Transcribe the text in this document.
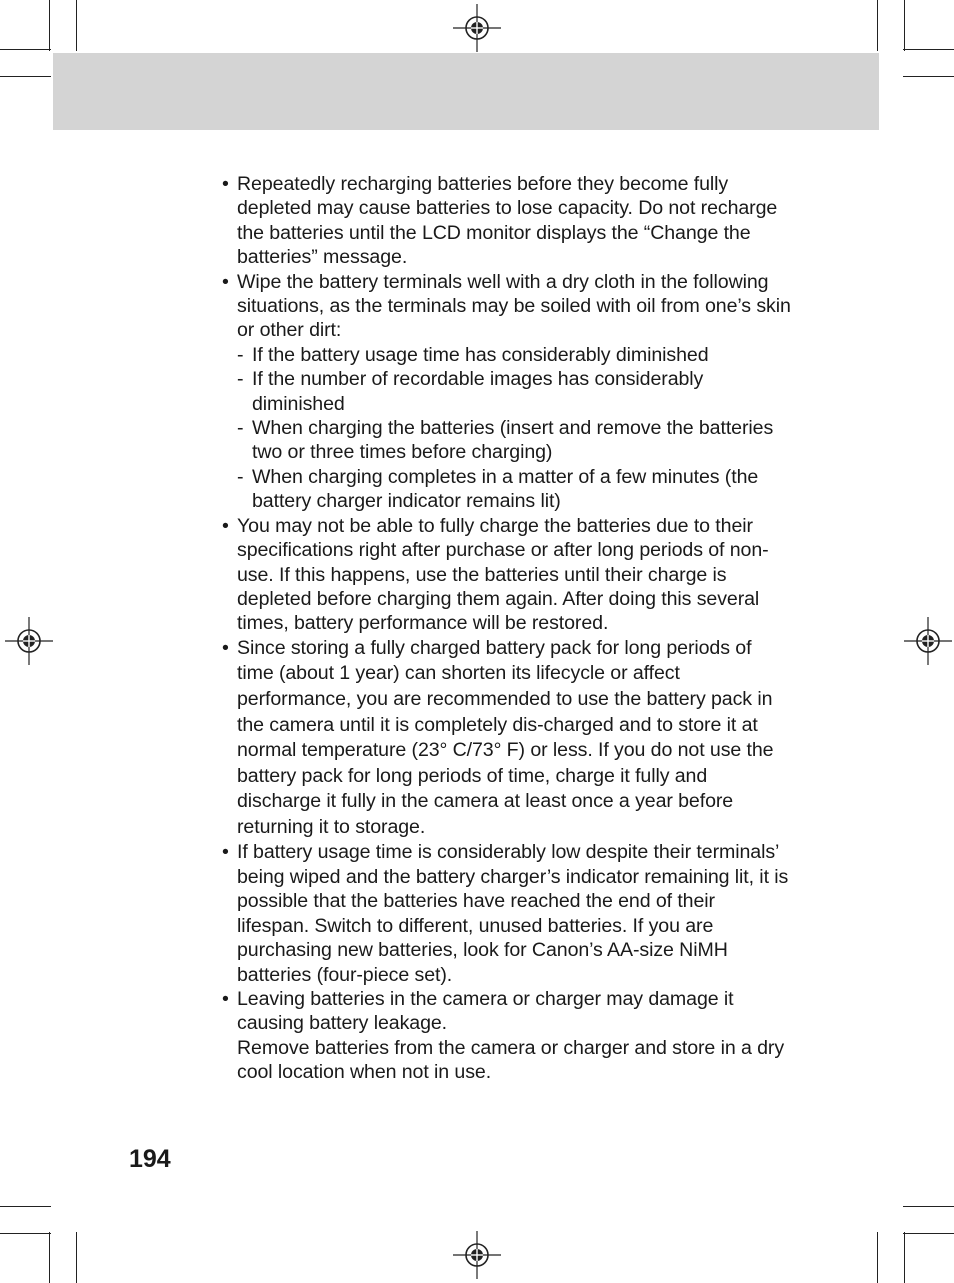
• Repeatedly recharging batteries before they become fully depleted may cause batteries to lose capacity. Do not recharge the batteries until the LCD monitor displays the “Change the batteries” message.

• Wipe the battery terminals well with a dry cloth in the following situations, as the terminals may be soiled with oil from one’s skin or other dirt:

- If the battery usage time has considerably diminished

- If the number of recordable images has considerably diminished

- When charging the batteries (insert and remove the batteries two or three times before charging)

- When charging completes in a matter of a few minutes (the battery charger indicator remains lit)

• You may not be able to fully charge the batteries due to their specifications right after purchase or after long periods of non-use. If this happens, use the batteries until their charge is depleted before charging them again. After doing this several times, battery performance will be restored.

• Since storing a fully charged battery pack for long periods of time (about 1 year) can shorten its lifecycle or affect performance, you are recommended to use the battery pack in the camera until it is completely dis-charged and to store it at normal temperature (23° C/73° F) or less. If you do not use the battery pack for long periods of time, charge it fully and discharge it fully in the camera at least once a year before returning it to storage.

• If battery usage time is considerably low despite their terminals’ being wiped and the battery charger’s indicator remaining lit, it is possible that the batteries have reached the end of their lifespan. Switch to different, unused batteries. If you are purchasing new batteries, look for Canon’s AA-size NiMH batteries (four-piece set).

• Leaving batteries in the camera or charger may damage it causing battery leakage.

Remove batteries from the camera or charger and store in a dry cool location when not in use.

194
